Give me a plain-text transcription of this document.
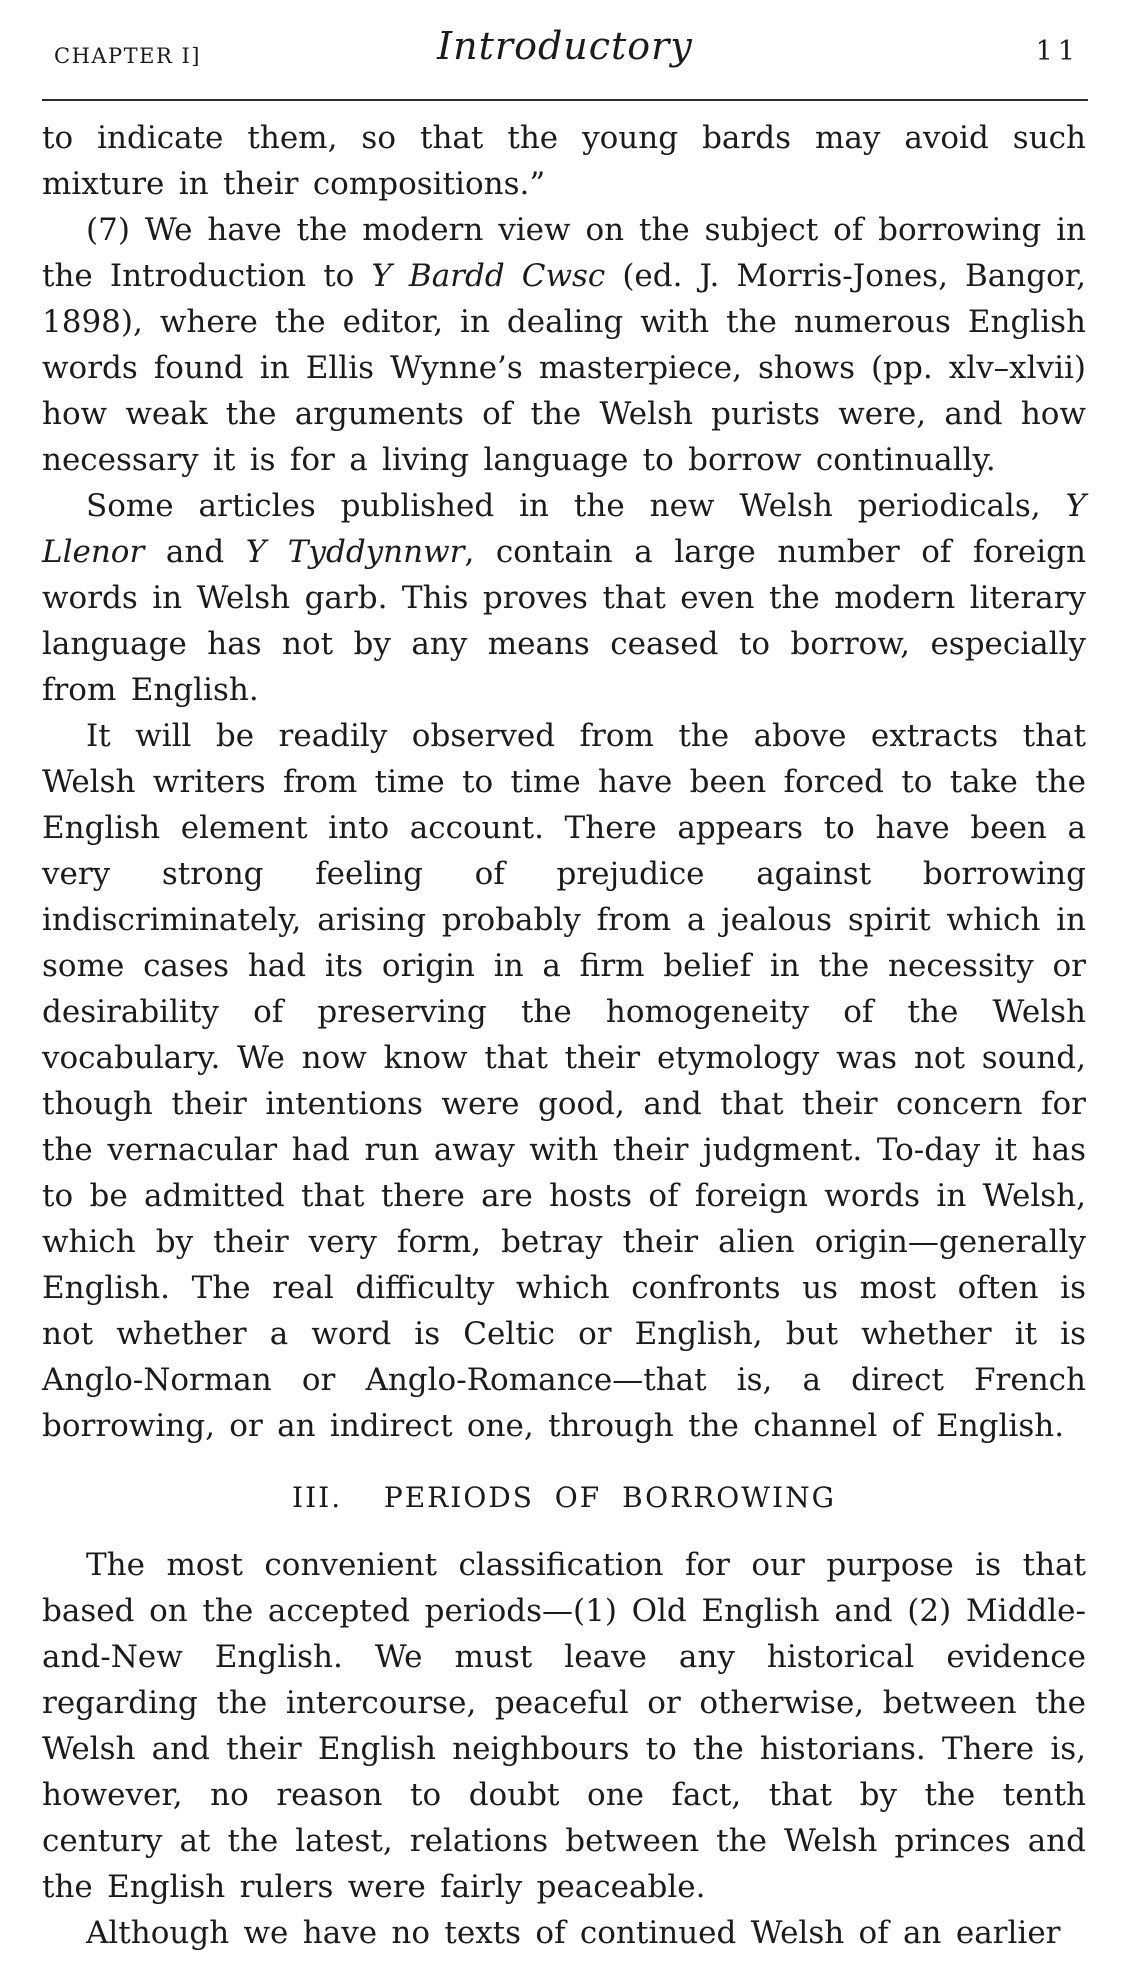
CHAPTER I]	Introductory	11

to indicate them, so that the young bards may avoid such mixture in their compositions.”

(7) We have the modern view on the subject of borrowing in the Introduction to Y Bardd Cwsc (ed. J. Morris-Jones, Bangor, 1898), where the editor, in dealing with the numerous English words found in Ellis Wynne’s masterpiece, shows (pp. xlv–xlvii) how weak the arguments of the Welsh purists were, and how necessary it is for a living language to borrow continually.

Some articles published in the new Welsh periodicals, Y Llenor and Y Tyddynnwr, contain a large number of foreign words in Welsh garb. This proves that even the modern literary language has not by any means ceased to borrow, especially from English.

It will be readily observed from the above extracts that Welsh writers from time to time have been forced to take the English element into account. There appears to have been a very strong feeling of prejudice against borrowing indiscriminately, arising probably from a jealous spirit which in some cases had its origin in a firm belief in the necessity or desirability of preserving the homogeneity of the Welsh vocabulary. We now know that their etymology was not sound, though their intentions were good, and that their concern for the vernacular had run away with their judgment. To-day it has to be admitted that there are hosts of foreign words in Welsh, which by their very form, betray their alien origin—generally English. The real difficulty which confronts us most often is not whether a word is Celtic or English, but whether it is Anglo-Norman or Anglo-Romance—that is, a direct French borrowing, or an indirect one, through the channel of English.

III.  PERIODS OF BORROWING

The most convenient classification for our purpose is that based on the accepted periods—(1) Old English and (2) Middle-and-New English. We must leave any historical evidence regarding the intercourse, peaceful or otherwise, between the Welsh and their English neighbours to the historians. There is, however, no reason to doubt one fact, that by the tenth century at the latest, relations between the Welsh princes and the English rulers were fairly peaceable.

Although we have no texts of continued Welsh of an earlier
